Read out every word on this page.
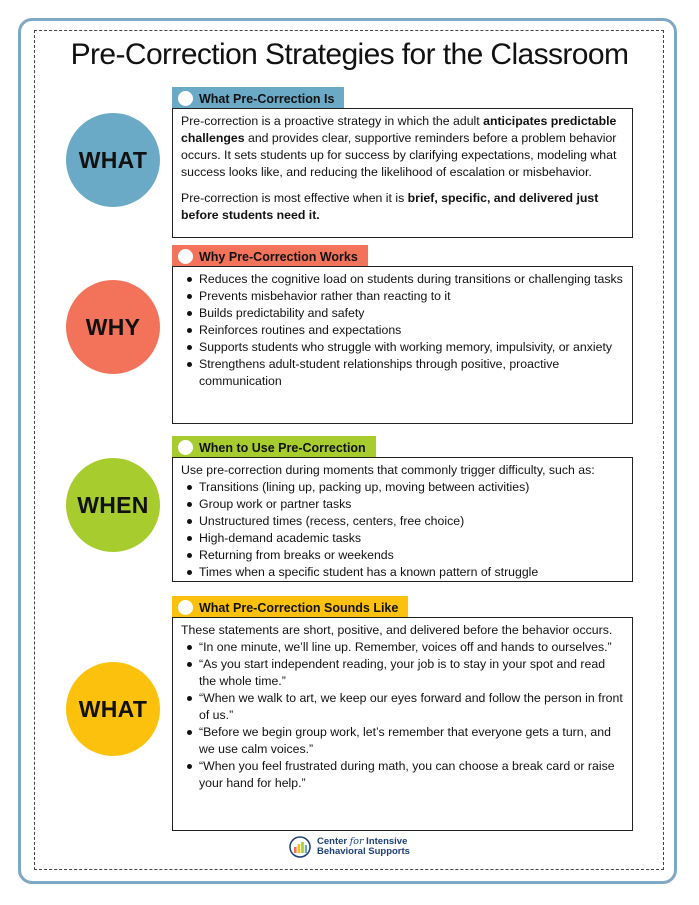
Pre-Correction Strategies for the Classroom
WHAT
What Pre-Correction Is

Pre-correction is a proactive strategy in which the adult anticipates predictable challenges and provides clear, supportive reminders before a problem behavior occurs. It sets students up for success by clarifying expectations, modeling what success looks like, and reducing the likelihood of escalation or misbehavior.

Pre-correction is most effective when it is brief, specific, and delivered just before students need it.

WHY
Why Pre-Correction Works
Reduces the cognitive load on students during transitions or challenging tasks
Prevents misbehavior rather than reacting to it
Builds predictability and safety
Reinforces routines and expectations
Supports students who struggle with working memory, impulsivity, or anxiety
Strengthens adult-student relationships through positive, proactive communication
WHEN
When to Use Pre-Correction
Use pre-correction during moments that commonly trigger difficulty, such as:
Transitions (lining up, packing up, moving between activities)
Group work or partner tasks
Unstructured times (recess, centers, free choice)
High-demand academic tasks
Returning from breaks or weekends
Times when a specific student has a known pattern of struggle
WHAT
What Pre-Correction Sounds Like
These statements are short, positive, and delivered before the behavior occurs.
“In one minute, we’ll line up. Remember, voices off and hands to ourselves.”
“As you start independent reading, your job is to stay in your spot and read the whole time.”
“When we walk to art, we keep our eyes forward and follow the person in front of us.”
“Before we begin group work, let’s remember that everyone gets a turn, and we use calm voices.”
“When you feel frustrated during math, you can choose a break card or raise your hand for help.”
Center for Intensive
Behavioral Supports
